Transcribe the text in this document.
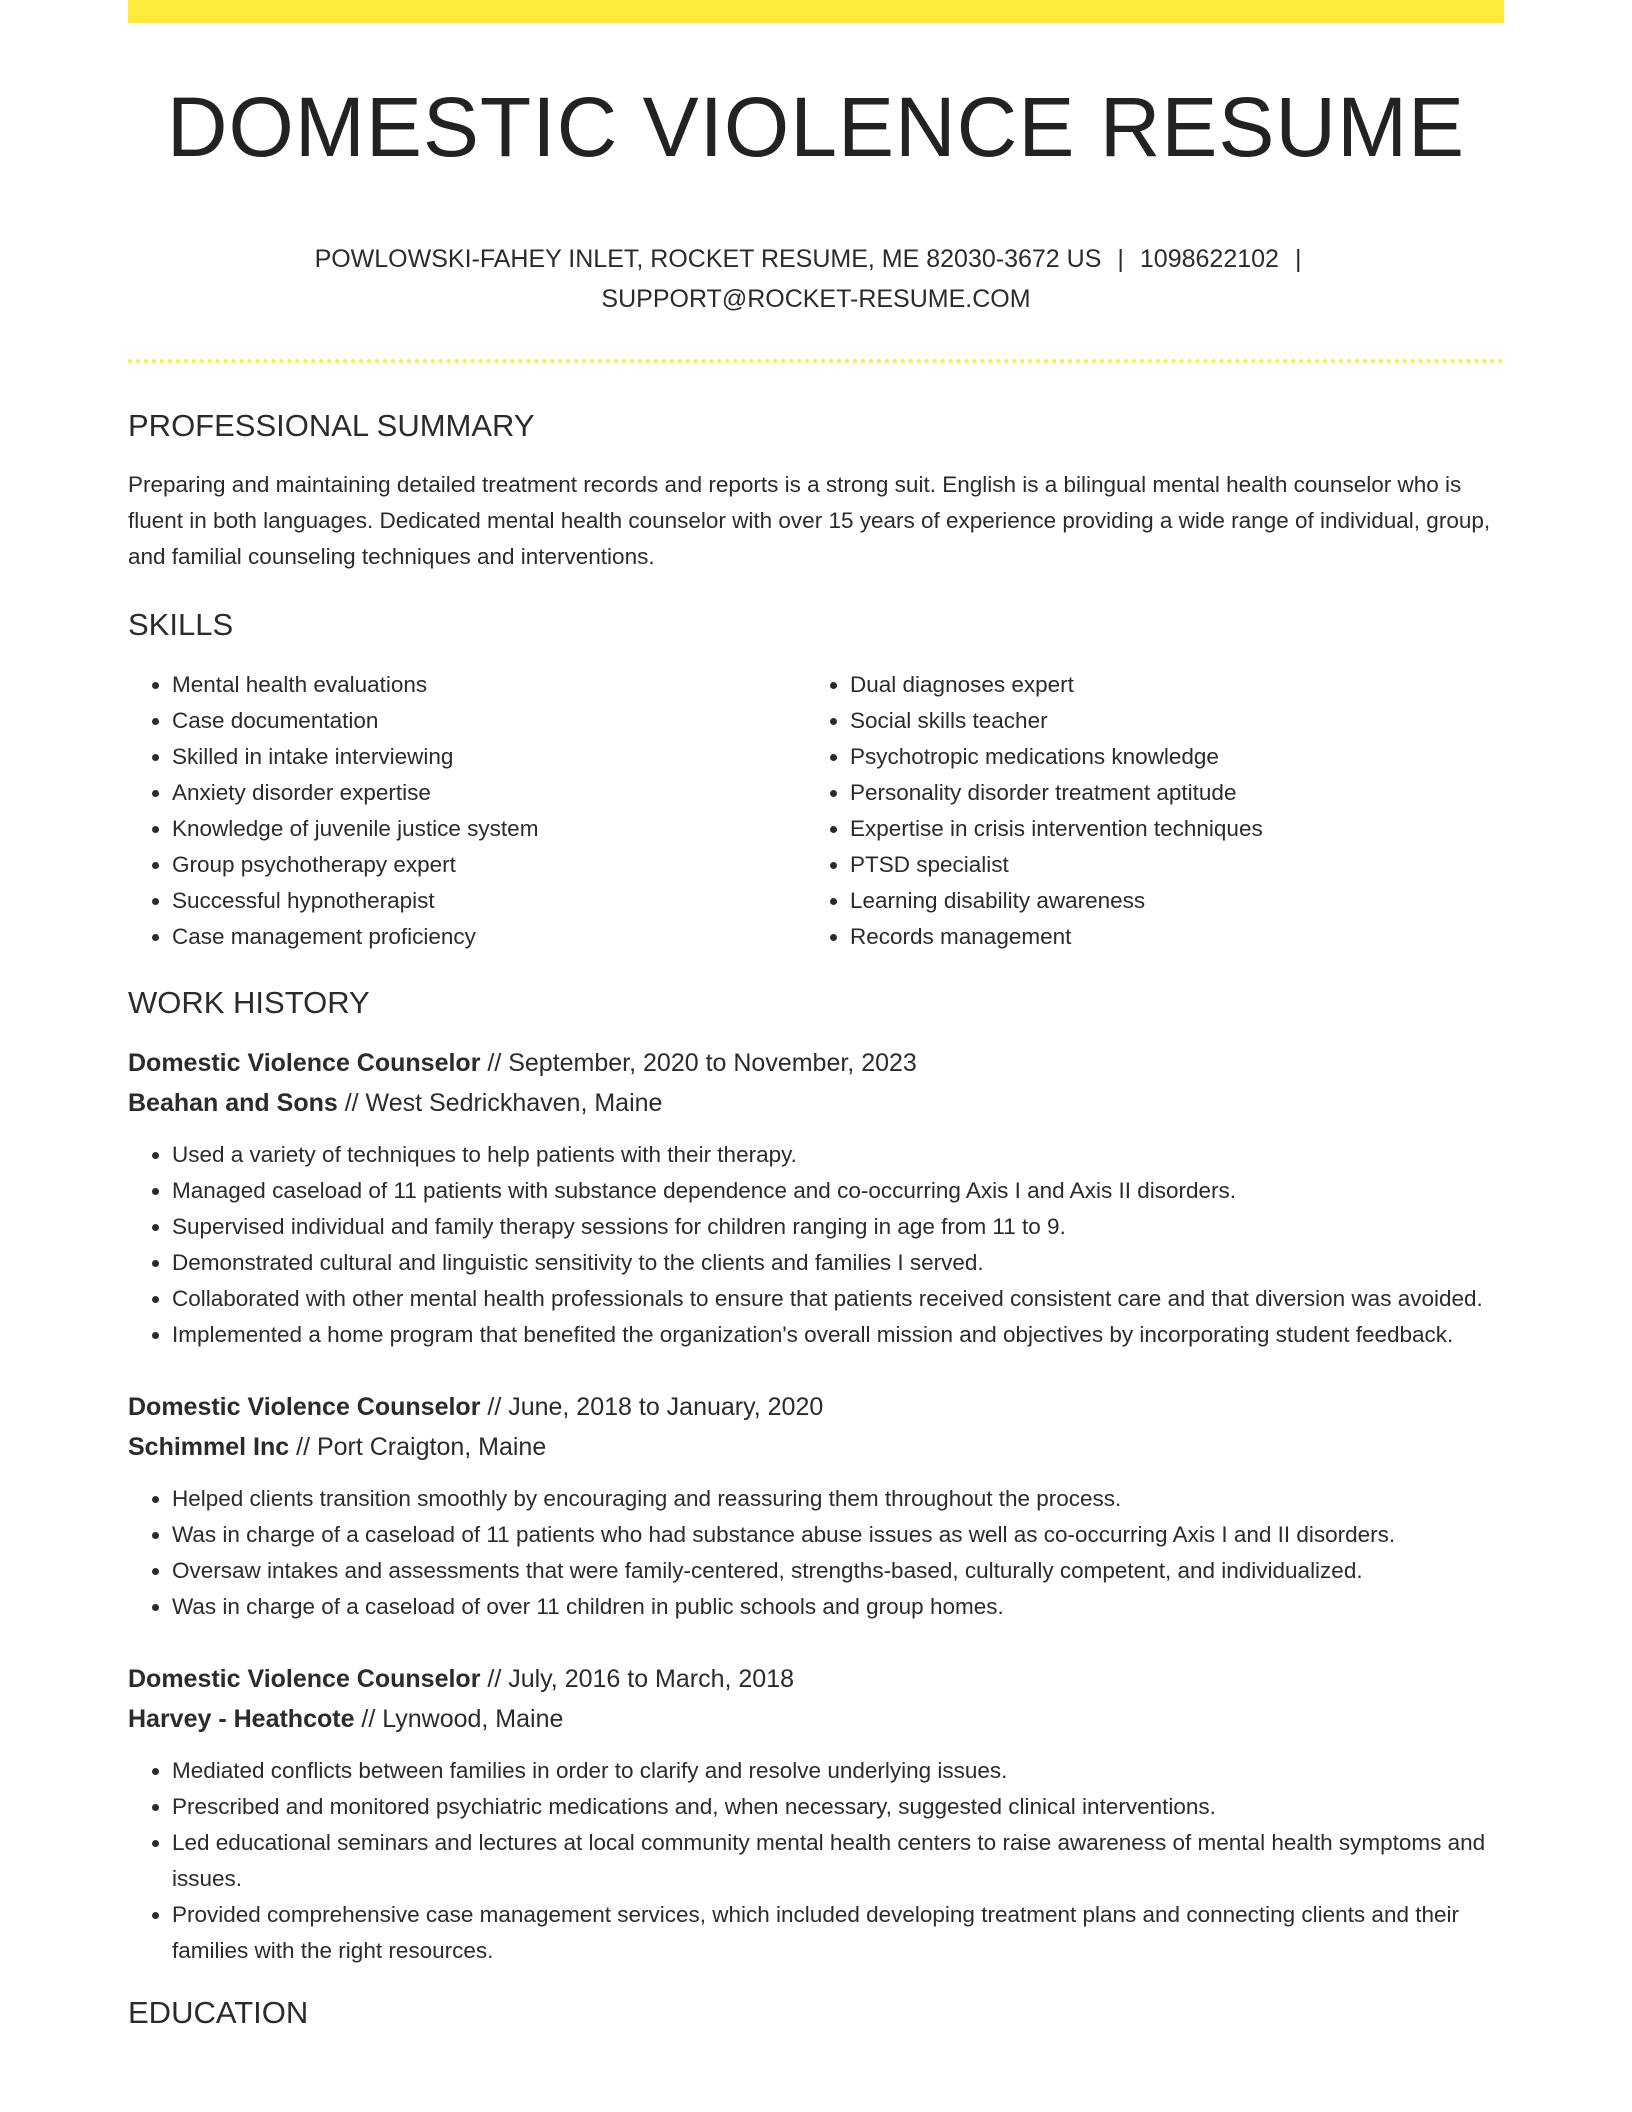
DOMESTIC VIOLENCE RESUME
POWLOWSKI-FAHEY INLET, ROCKET RESUME, ME 82030-3672 US | 1098622102 |
SUPPORT@ROCKET-RESUME.COM
PROFESSIONAL SUMMARY

Preparing and maintaining detailed treatment records and reports is a strong suit. English is a bilingual mental health counselor who is fluent in both languages. Dedicated mental health counselor with over 15 years of experience providing a wide range of individual, group, and familial counseling techniques and interventions.

SKILLS
• Mental health evaluations
• Case documentation
• Skilled in intake interviewing
• Anxiety disorder expertise
• Knowledge of juvenile justice system
• Group psychotherapy expert
• Successful hypnotherapist
• Case management proficiency
• Dual diagnoses expert
• Social skills teacher
• Psychotropic medications knowledge
• Personality disorder treatment aptitude
• Expertise in crisis intervention techniques
• PTSD specialist
• Learning disability awareness
• Records management
WORK HISTORY
Domestic Violence Counselor // September, 2020 to November, 2023
Beahan and Sons // West Sedrickhaven, Maine
• Used a variety of techniques to help patients with their therapy.
• Managed caseload of 11 patients with substance dependence and co-occurring Axis I and Axis II disorders.
• Supervised individual and family therapy sessions for children ranging in age from 11 to 9.
• Demonstrated cultural and linguistic sensitivity to the clients and families I served.
• Collaborated with other mental health professionals to ensure that patients received consistent care and that diversion was avoided.
• Implemented a home program that benefited the organization's overall mission and objectives by incorporating student feedback.
Domestic Violence Counselor // June, 2018 to January, 2020
Schimmel Inc // Port Craigton, Maine
• Helped clients transition smoothly by encouraging and reassuring them throughout the process.
• Was in charge of a caseload of 11 patients who had substance abuse issues as well as co-occurring Axis I and II disorders.
• Oversaw intakes and assessments that were family-centered, strengths-based, culturally competent, and individualized.
• Was in charge of a caseload of over 11 children in public schools and group homes.
Domestic Violence Counselor // July, 2016 to March, 2018
Harvey - Heathcote // Lynwood, Maine
• Mediated conflicts between families in order to clarify and resolve underlying issues.
• Prescribed and monitored psychiatric medications and, when necessary, suggested clinical interventions.
• Led educational seminars and lectures at local community mental health centers to raise awareness of mental health symptoms and issues.
• Provided comprehensive case management services, which included developing treatment plans and connecting clients and their families with the right resources.
EDUCATION
